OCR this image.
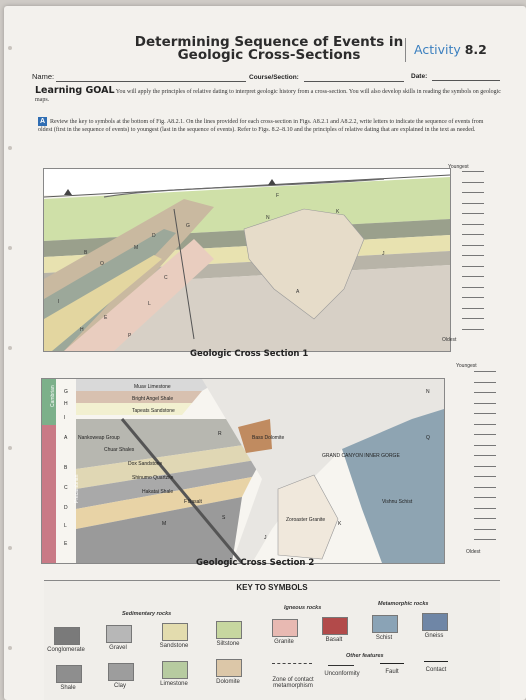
Determining Sequence of Events in
Geologic Cross-Sections	Activity 8.2
Name:	Course/Section:	Date:
Learning GOAL You will apply the principles of relative dating to interpret geologic history from a cross-section. You will also develop skills in reading the symbols on geologic maps.
A Review the key to symbols at the bottom of Fig. A8.2.1. On the lines provided for each cross-section in Figs. A8.2.1 and A8.2.2, write letters to indicate the sequence of events from oldest (first in the sequence of events) to youngest (last in the sequence of events). Refer to Figs. 8.2–8.10 and the principles of relative dating that are explained in the text as needed.
F
N
K
G
D
B
O
A
M
C
J
L
E
P
H
I
Geologic Cross Section 1
Youngest
Oldest
Cambrian
Precambrian
Muav Limestone
Bright Angel Shale
Tapeats Sandstone
Nankoweap Group
Chuar Shales
Dox Sandstone
Shinumo Quartzite
Hakatai Shale
Bass Dolomite
Basalt
Zoroaster Granite
Vishnu Schist
GRAND CANYON INNER GORGE
G
H
I
A
B
C
D
L
E
R
F
M
S
J
K
N
Q
Geologic Cross Section 2
Youngest
Oldest
KEY TO SYMBOLS
Sedimentary rocks
Igneous rocks
Metamorphic rocks
Other features
Conglomerate	Gravel	Sandstone	Siltstone	Granite	Basalt	Schist	Gneiss
Shale	Clay	Limestone	Dolomite	Zone of contact metamorphism
Unconformity	Fault	Contact
